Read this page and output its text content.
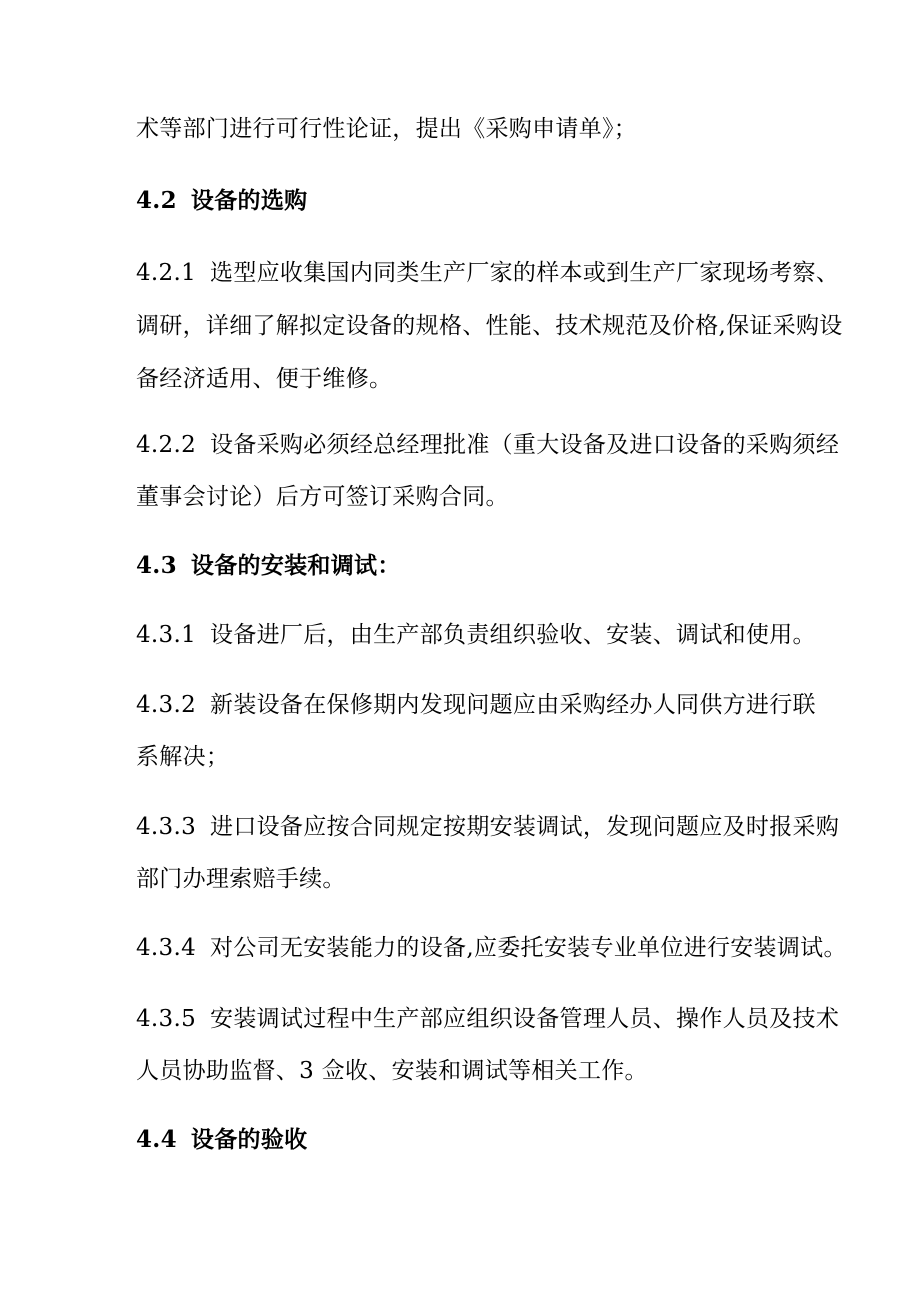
术等部门进行可行性论证，提出《采购申请单》；
4.2 设备的选购
4.2.1 选型应收集国内同类生产厂家的样本或到生产厂家现场考察、
调研，详细了解拟定设备的规格、性能、技术规范及价格,保证采购设
备经济适用、便于维修。
4.2.2 设备采购必须经总经理批准（重大设备及进口设备的采购须经
董事会讨论）后方可签订采购合同。
4.3 设备的安装和调试：
4.3.1 设备进厂后，由生产部负责组织验收、安装、调试和使用。
4.3.2 新装设备在保修期内发现问题应由采购经办人同供方进行联
系解决；
4.3.3 进口设备应按合同规定按期安装调试，发现问题应及时报采购
部门办理索赔手续。
4.3.4 对公司无安装能力的设备,应委托安装专业单位进行安装调试。
4.3.5 安装调试过程中生产部应组织设备管理人员、操作人员及技术
人员协助监督、3 佥收、安装和调试等相关工作。
4.4 设备的验收
